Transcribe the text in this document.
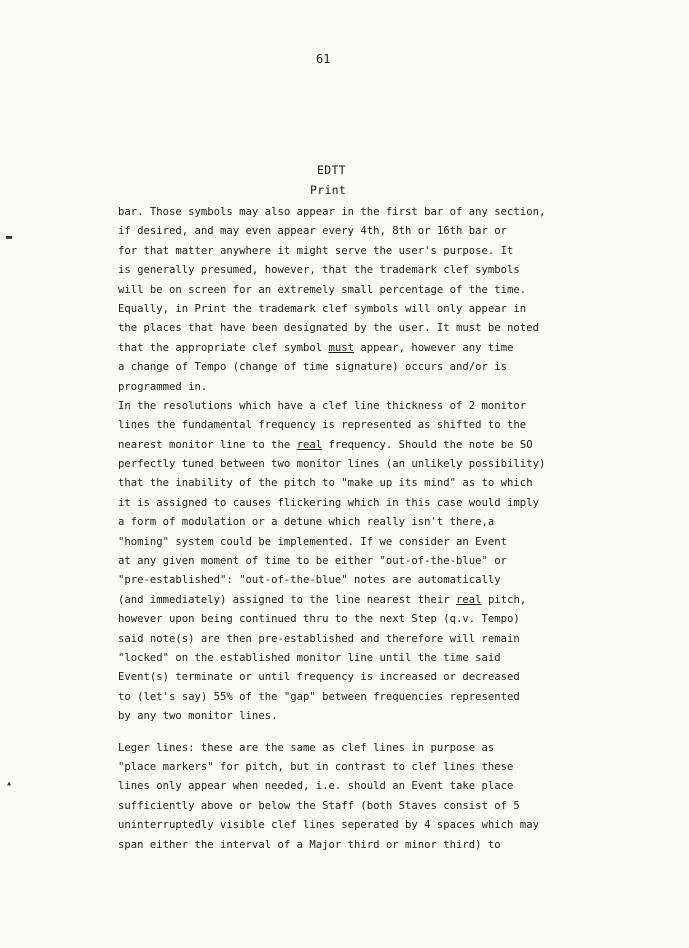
61
EDTT
Print
▬
▴
bar. Those symbols may also appear in the first bar of any section,
if desired, and may even appear every 4th, 8th or 16th bar or
for that matter anywhere it might serve the user's purpose. It
is generally presumed, however, that the trademark clef symbols
will be on screen for an extremely small percentage of the time.
Equally, in Print the trademark clef symbols will only appear in
the places that have been designated by the user. It must be noted
that the appropriate clef symbol must appear, however any time
a change of Tempo (change of time signature) occurs and/or is
programmed in.
In the resolutions which have a clef line thickness of 2 monitor
lines the fundamental frequency is represented as shifted to the
nearest monitor line to the real frequency. Should the note be SO
perfectly tuned between two monitor lines (an unlikely possibility)
that the inability of the pitch to "make up its mind" as to which
it is assigned to causes flickering which in this case would imply
a form of modulation or a detune which really isn't there,a
"homing" system could be implemented. If we consider an Event
at any given moment of time to be either "out-of-the-blue" or
"pre-established": "out-of-the-blue" notes are automatically
(and immediately) assigned to the line nearest their real pitch,
however upon being continued thru to the next Step (q.v. Tempo)
said note(s) are then pre-established and therefore will remain
"locked" on the established monitor line until the time said
Event(s) terminate or until frequency is increased or decreased
to (let's say) 55% of the "gap" between frequencies represented
by any two monitor lines.
Leger lines: these are the same as clef lines in purpose as
"place markers" for pitch, but in contrast to clef lines these
lines only appear when needed, i.e. should an Event take place
sufficiently above or below the Staff (both Staves consist of 5
uninterruptedly visible clef lines seperated by 4 spaces which may
span either the interval of a Major third or minor third) to
